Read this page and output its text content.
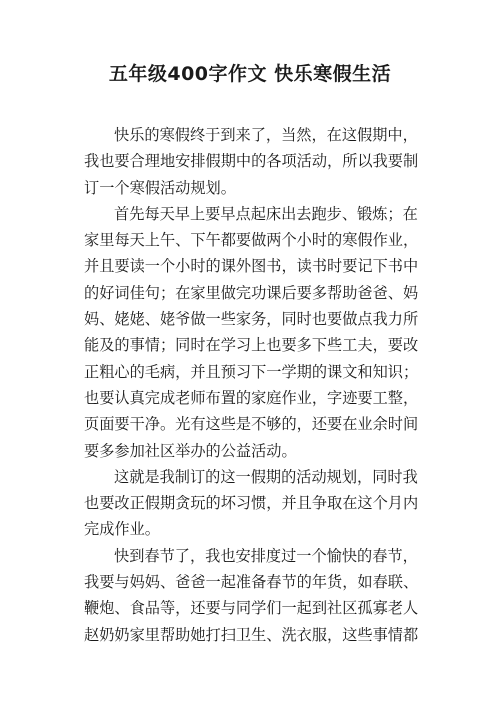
五年级400字作文 快乐寒假生活
快乐的寒假终于到来了，当然，在这假期中，
我也要合理地安排假期中的各项活动，所以我要制
订一个寒假活动规划。
首先每天早上要早点起床出去跑步、锻炼；在
家里每天上午、下午都要做两个小时的寒假作业，
并且要读一个小时的课外图书，读书时要记下书中
的好词佳句；在家里做完功课后要多帮助爸爸、妈
妈、姥姥、姥爷做一些家务，同时也要做点我力所
能及的事情；同时在学习上也要多下些工夫，要改
正粗心的毛病，并且预习下一学期的课文和知识；
也要认真完成老师布置的家庭作业，字迹要工整，
页面要干净。光有这些是不够的，还要在业余时间
要多参加社区举办的公益活动。
这就是我制订的这一假期的活动规划，同时我
也要改正假期贪玩的坏习惯，并且争取在这个月内
完成作业。
快到春节了，我也安排度过一个愉快的春节，
我要与妈妈、爸爸一起准备春节的年货，如春联、
鞭炮、食品等，还要与同学们一起到社区孤寡老人
赵奶奶家里帮助她打扫卫生、洗衣服，这些事情都
